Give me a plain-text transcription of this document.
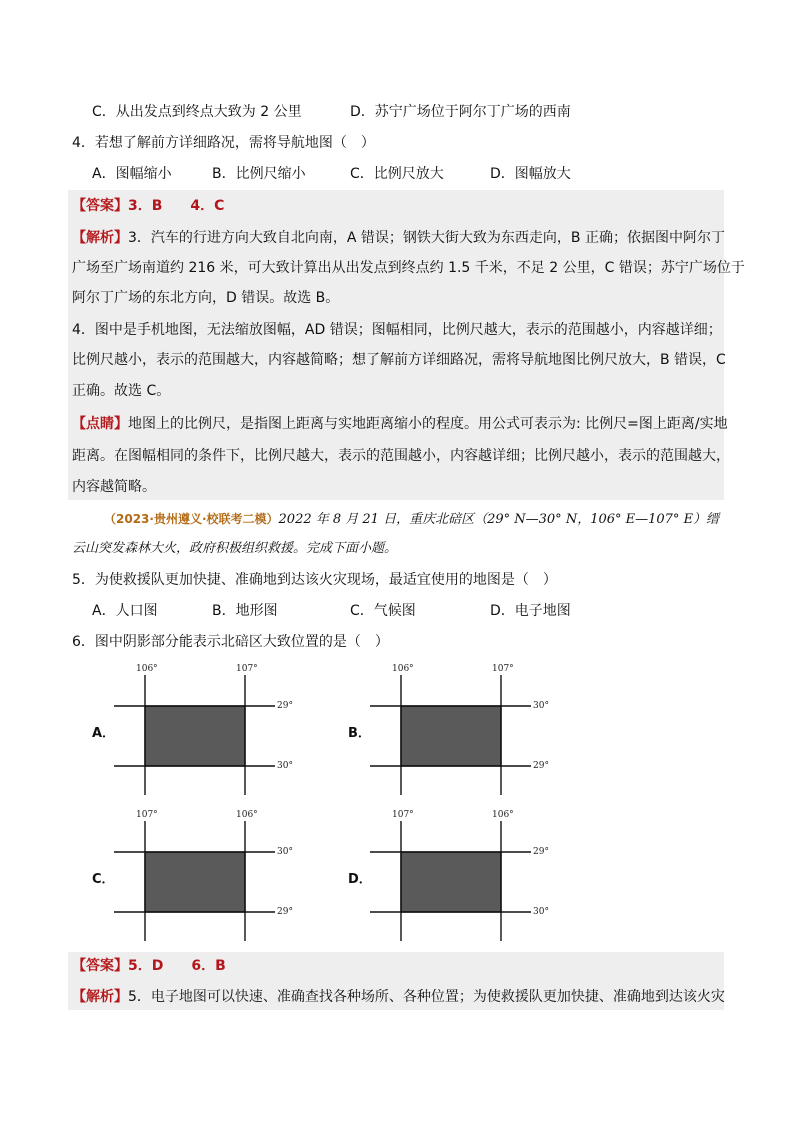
C．从出发点到终点大致为 2 公里	D．苏宁广场位于阿尔丁广场的西南
4．若想了解前方详细路况，需将导航地图（　）
A．图幅缩小	B．比例尺缩小	C．比例尺放大	D．图幅放大
【答案】3．B　　4．C
【解析】3．汽车的行进方向大致自北向南，A 错误；钢铁大街大致为东西走向，B 正确；依据图中阿尔丁
广场至广场南道约 216 米，可大致计算出从出发点到终点约 1.5 千米，不足 2 公里，C 错误；苏宁广场位于
阿尔丁广场的东北方向，D 错误。故选 B。
4．图中是手机地图，无法缩放图幅，AD 错误；图幅相同，比例尺越大，表示的范围越小，内容越详细；
比例尺越小，表示的范围越大，内容越简略；想了解前方详细路况，需将导航地图比例尺放大，B 错误，C
正确。故选 C。
【点睛】地图上的比例尺，是指图上距离与实地距离缩小的程度。用公式可表示为: 比例尺=图上距离/实地
距离。在图幅相同的条件下，比例尺越大，表示的范围越小，内容越详细；比例尺越小，表示的范围越大，
内容越简略。
（2023·贵州遵义·校联考二模）2022 年 8 月 21 日，重庆北碚区（29° N—30° N，106° E—107° E）缙
云山突发森林大火，政府积极组织救援。完成下面小题。
5．为使救援队更加快捷、准确地到达该火灾现场，最适宜使用的地图是（　）
A．人口图	B．地形图	C．气候图	D．电子地图
6．图中阴影部分能表示北碚区大致位置的是（　）
A．
106°	107°
29°
30°
B．
106°	107°
30°
29°
C．
107°	106°
30°
29°
D．
107°	106°
29°
30°
【答案】5．D　　6．B
【解析】5．电子地图可以快速、准确查找各种场所、各种位置；为使救援队更加快捷、准确地到达该火灾
